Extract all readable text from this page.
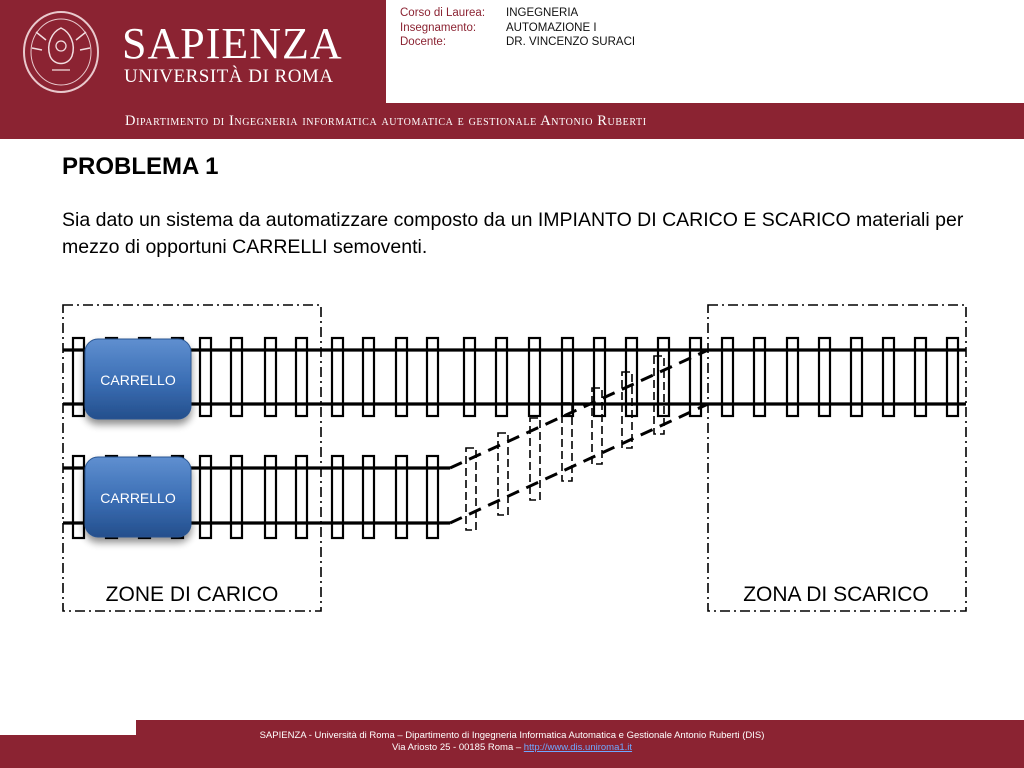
SAPIENZA
UNIVERSITÀ DI ROMA
Corso di Laurea:	INGEGNERIA
Insegnamento:	AUTOMAZIONE I
Docente:	DR. VINCENZO SURACI
Dipartimento di Ingegneria informatica automatica e gestionale Antonio Ruberti
PROBLEMA 1
Sia dato un sistema da automatizzare composto da un IMPIANTO DI CARICO E SCARICO materiali per mezzo di opportuni CARRELLI semoventi.
CARRELLO
CARRELLO
ZONE DI CARICO	ZONA DI SCARICO
SAPIENZA - Università di Roma – Dipartimento di Ingegneria Informatica Automatica e Gestionale Antonio Ruberti (DIS)
Via Ariosto 25 - 00185 Roma – http://www.dis.uniroma1.it
